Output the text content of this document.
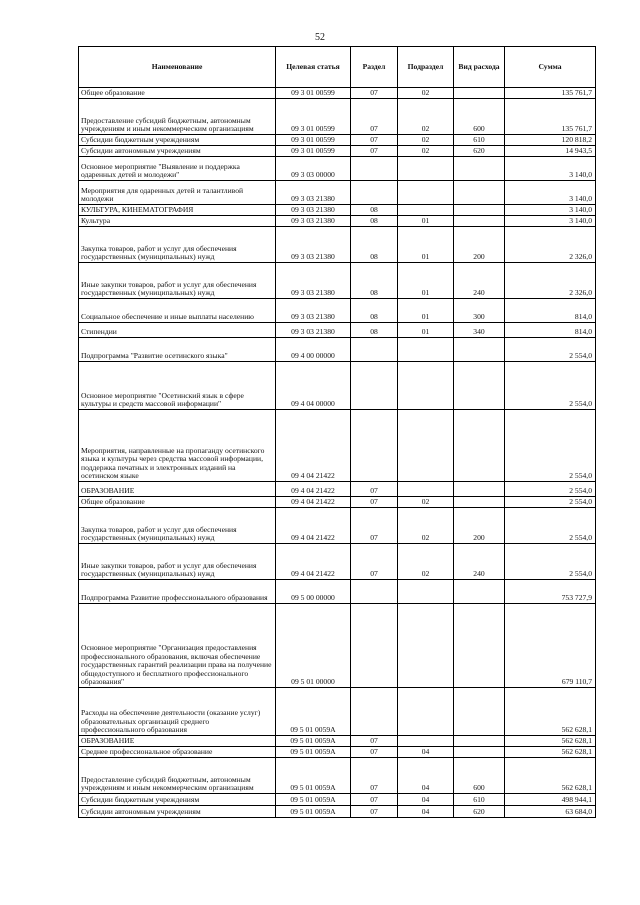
52
Наименование	Целевая статья	Раздел	Подраздел	Вид расхода	Сумма
Общее образование	09 3 01 00599	07	02		135 761,7
Предоставление субсидий бюджетным, автономным учреждениям и иным некоммерческим организациям	09 3 01 00599	07	02	600	135 761,7
Субсидии бюджетным учреждениям	09 3 01 00599	07	02	610	120 818,2
Субсидии автономным учреждениям	09 3 01 00599	07	02	620	14 943,5
Основное мероприятие "Выявление и поддержка одаренных детей и молодежи"	09 3 03 00000				3 140,0
Мероприятия для одаренных детей и талантливой молодежи	09 3 03 21380				3 140,0
КУЛЬТУРА, КИНЕМАТОГРАФИЯ	09 3 03 21380	08			3 140,0
Культура	09 3 03 21380	08	01		3 140,0
Закупка товаров, работ и услуг для обеспечения государственных (муниципальных) нужд	09 3 03 21380	08	01	200	2 326,0
Иные закупки товаров, работ и услуг для обеспечения государственных (муниципальных) нужд	09 3 03 21380	08	01	240	2 326,0
Социальное обеспечение и иные выплаты населению	09 3 03 21380	08	01	300	814,0
Стипендии	09 3 03 21380	08	01	340	814,0
Подпрограмма "Развитие осетинского языка"	09 4 00 00000				2 554,0
Основное мероприятие "Осетинский язык в сфере культуры и средств массовой информации"	09 4 04 00000				2 554,0
Мероприятия, направленные на пропаганду осетинского языка и культуры через средства массовой информации, поддержка печатных и электронных изданий на осетинском языке	09 4 04 21422				2 554,0
ОБРАЗОВАНИЕ	09 4 04 21422	07			2 554,0
Общее образование	09 4 04 21422	07	02		2 554,0
Закупка товаров, работ и услуг для обеспечения государственных (муниципальных) нужд	09 4 04 21422	07	02	200	2 554,0
Иные закупки товаров, работ и услуг для обеспечения государственных (муниципальных) нужд	09 4 04 21422	07	02	240	2 554,0
Подпрограмма Развитие профессионального образования	09 5 00 00000				753 727,9
Основное мероприятие "Организация предоставления профессионального образования, включая обеспечение государственных гарантий реализации права на получение общедоступного и бесплатного профессионального образования"	09 5 01 00000				679 110,7
Расходы на обеспечение деятельности (оказание услуг) образовательных организаций среднего профессионального образования	09 5 01 0059А				562 628,1
ОБРАЗОВАНИЕ	09 5 01 0059А	07			562 628,1
Среднее профессиональное образование	09 5 01 0059А	07	04		562 628,1
Предоставление субсидий бюджетным, автономным учреждениям и иным некоммерческим организациям	09 5 01 0059А	07	04	600	562 628,1
Субсидии бюджетным учреждениям	09 5 01 0059А	07	04	610	498 944,1
Субсидии автономным учреждениям	09 5 01 0059А	07	04	620	63 684,0
